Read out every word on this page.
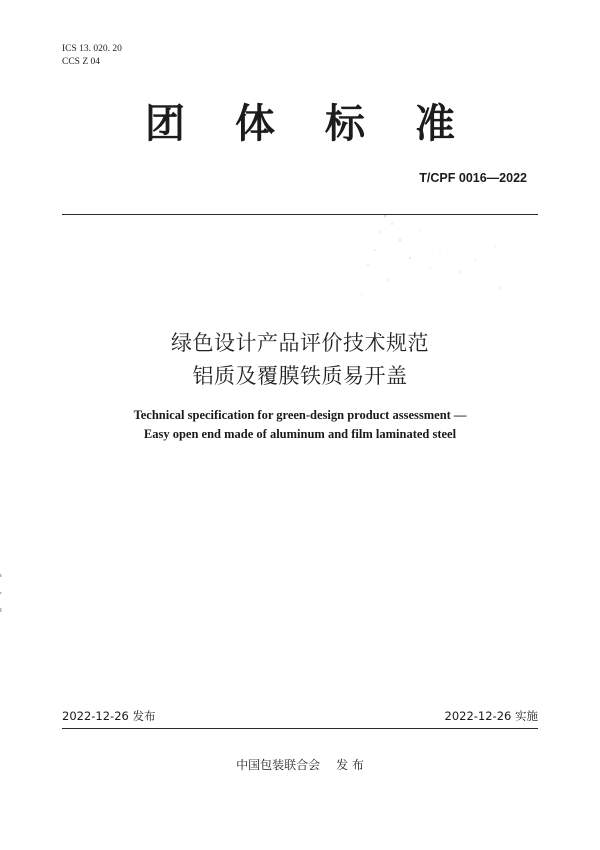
ICS 13. 020. 20
CCS Z 04
团 体 标 准
T/CPF 0016—2022
绿色设计产品评价技术规范
铝质及覆膜铁质易开盖
Technical specification for green-design product assessment —
Easy open end made of aluminum and film laminated steel
2022-12-26 发布	2022-12-26 实施
中国包装联合会 发 布
